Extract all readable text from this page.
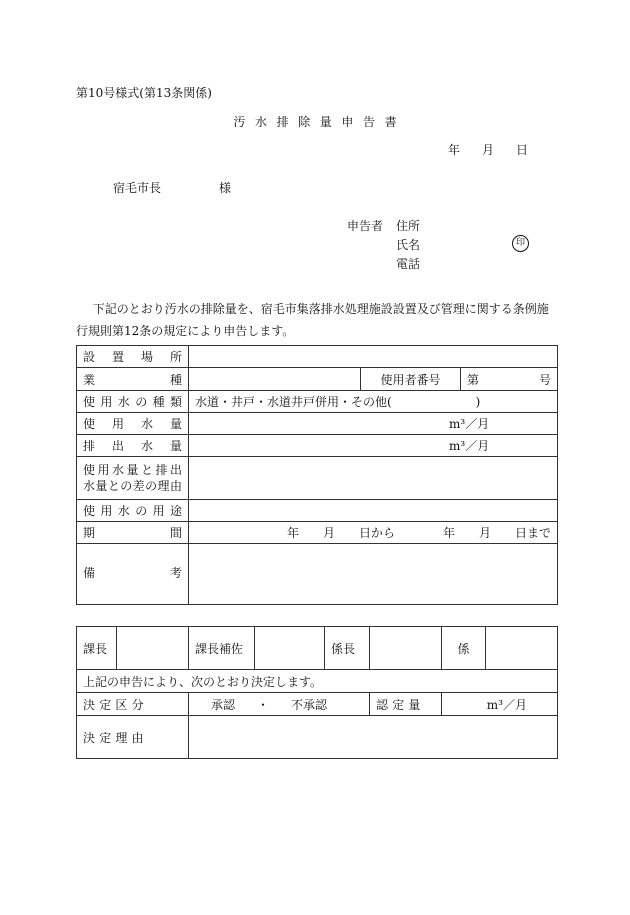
第10号様式(第13条関係)
汚水排除量申告書
年 月 日
宿毛市長	様
申告者 住所
氏名	印
電話
下記のとおり汚水の排除量を、宿毛市集落排水処理施設設置及び管理に関する条例施行規則第12条の規定により申告します。
設置場所			
業種		使用者番号	第 号

使用水の種類	水道・井戸・水道井戸併用・その他(　　　　　　　)		
使用水量	m³／月		
排出水量	m³／月		

使用水量と排出
水量との差の理由			

使用水の用途			
期間	年　　月　　日から　　　　年　　月　　日まで		
備考			
課長		課長補佐		係長		係	
上記の申告により、次のとおり決定します。							
決定区分		承認 ・ 不承認			認定量	m³／月	
決定理由							
